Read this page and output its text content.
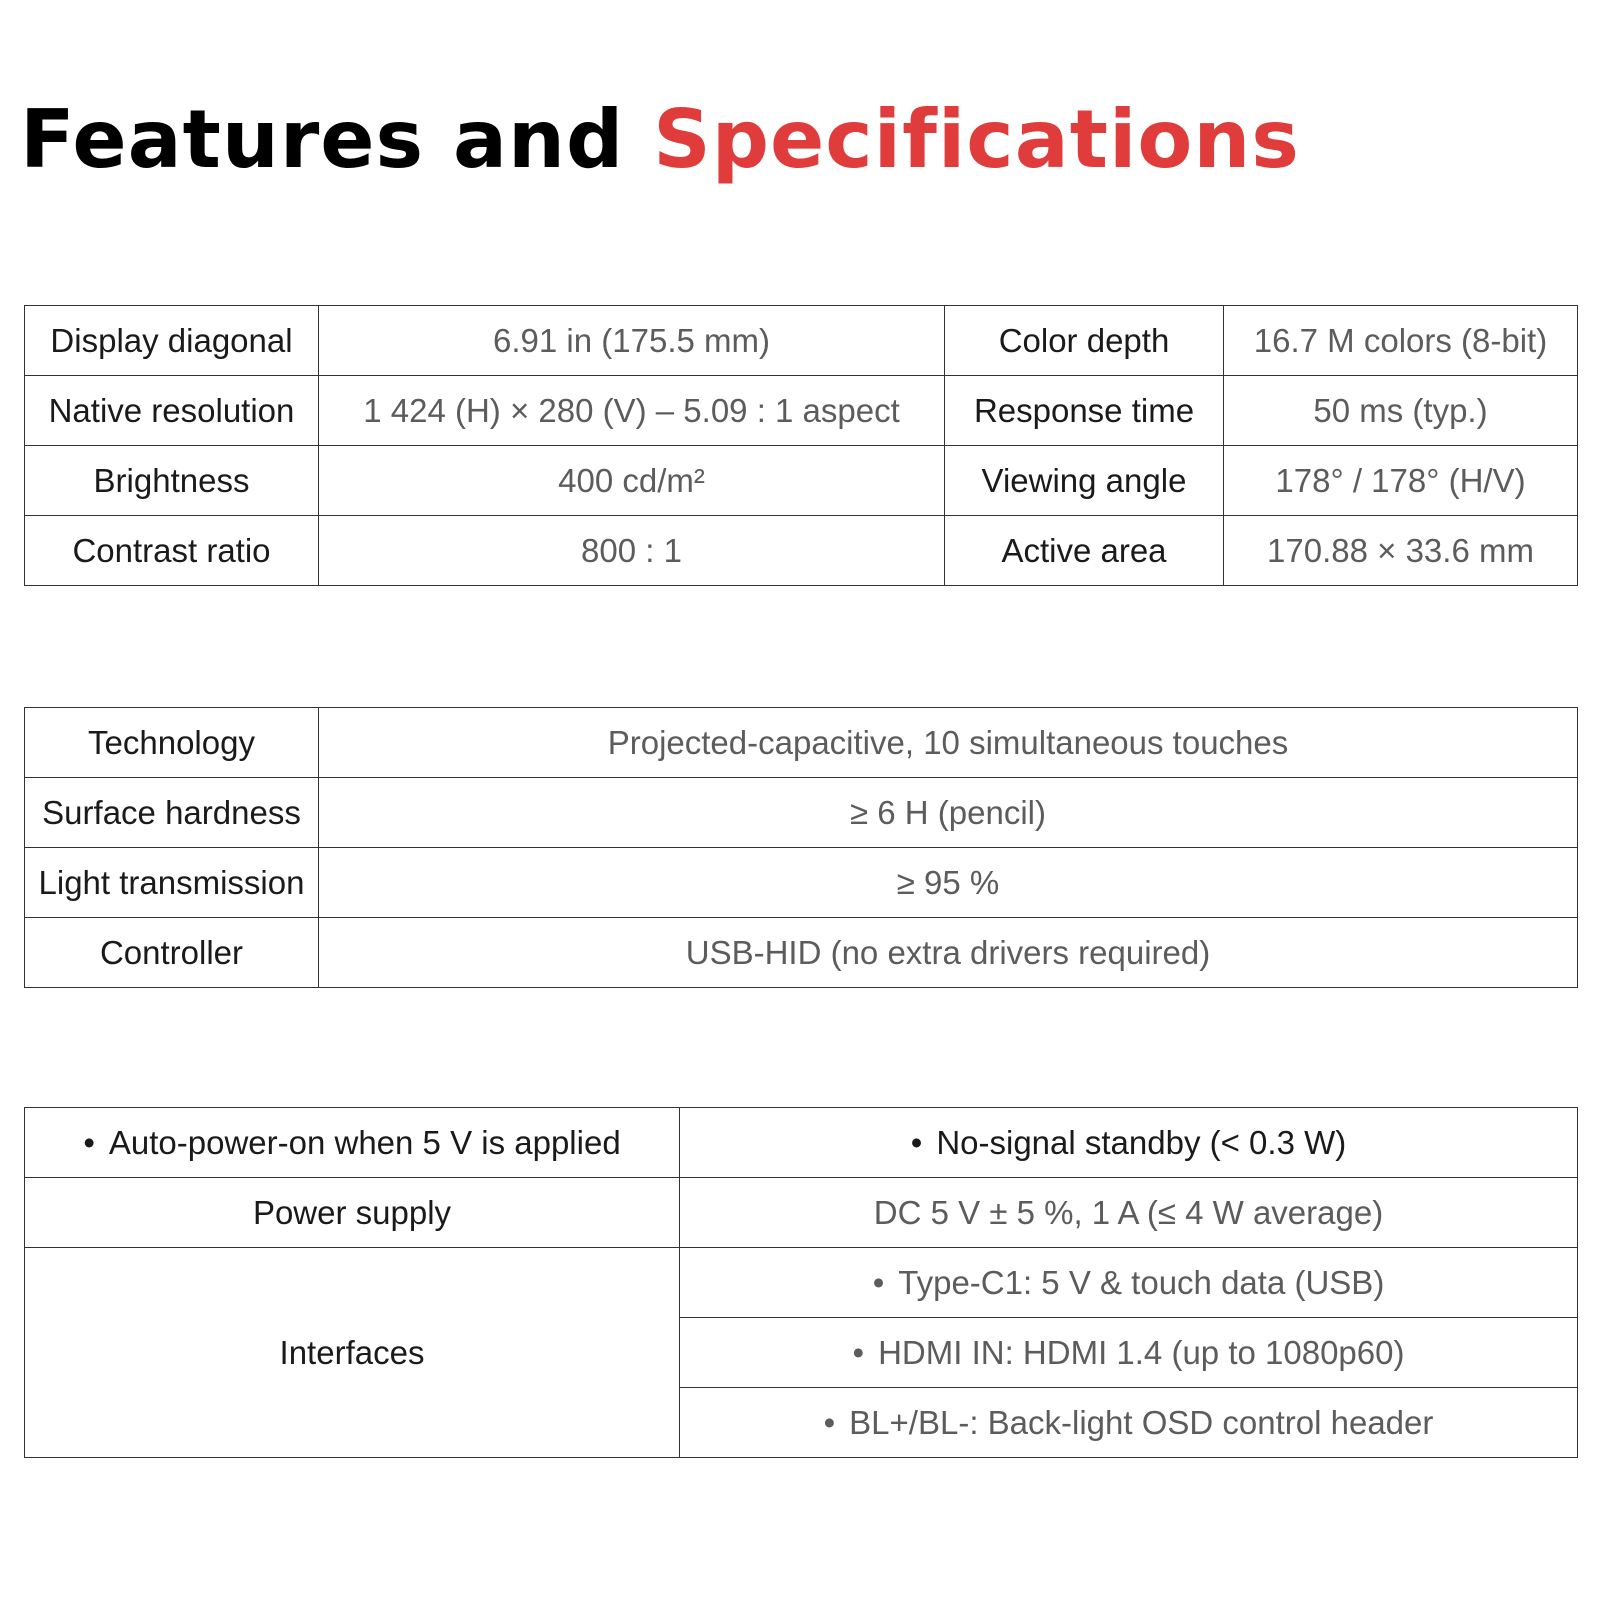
Features and Specifications
Display diagonal	6.91 in (175.5 mm)	Color depth	16.7 M colors (8-bit)
Native resolution	1 424 (H) × 280 (V) – 5.09 : 1 aspect	Response time	50 ms (typ.)
Brightness	400 cd/m²	Viewing angle	178° / 178° (H/V)
Contrast ratio	800 : 1	Active area	170.88 × 33.6 mm
Technology	Projected-capacitive, 10 simultaneous touches
Surface hardness	≥ 6 H (pencil)
Light transmission	≥ 95 %
Controller	USB-HID (no extra drivers required)
• Auto-power-on when 5 V is applied	• No-signal standby (< 0.3 W)
Power supply	DC 5 V ± 5 %, 1 A (≤ 4 W average)
Interfaces	• Type-C1: 5 V & touch data (USB)
	• HDMI IN: HDMI 1.4 (up to 1080p60)
	• BL+/BL-: Back-light OSD control header
